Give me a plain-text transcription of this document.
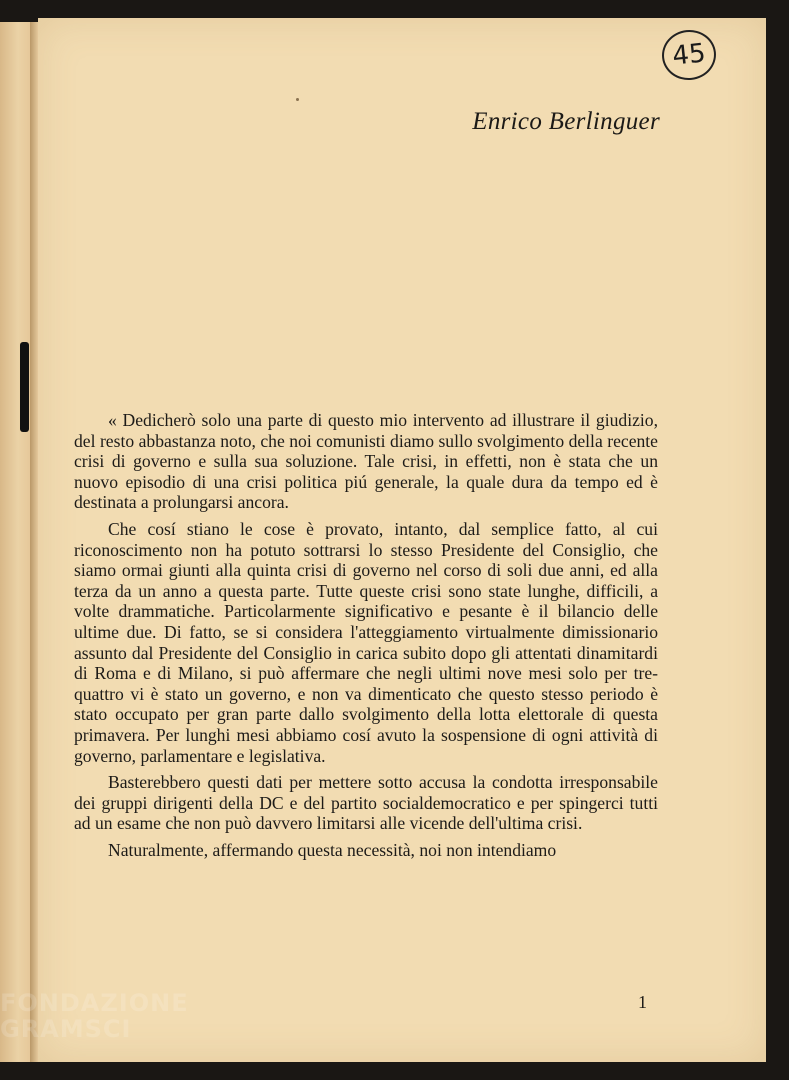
45
Enrico Berlinguer

« Dedicherò solo una parte di questo mio intervento ad illustrare il giudizio, del resto abbastanza noto, che noi comunisti diamo sullo svolgimento della recente crisi di governo e sulla sua soluzione. Tale crisi, in effetti, non è stata che un nuovo episodio di una crisi politica piú generale, la quale dura da tempo ed è destinata a prolungarsi ancora.

Che cosí stiano le cose è provato, intanto, dal semplice fatto, al cui riconoscimento non ha potuto sottrarsi lo stesso Presidente del Consiglio, che siamo ormai giunti alla quinta crisi di governo nel corso di soli due anni, ed alla terza da un anno a questa parte. Tutte queste crisi sono state lunghe, difficili, a volte drammatiche. Particolarmente significativo e pesante è il bilancio delle ultime due. Di fatto, se si considera l'atteggiamento virtualmente dimissionario assunto dal Presidente del Consiglio in carica subito dopo gli attentati dinamitardi di Roma e di Milano, si può affermare che negli ultimi nove mesi solo per tre-quattro vi è stato un governo, e non va dimenticato che questo stesso periodo è stato occupato per gran parte dallo svolgimento della lotta elettorale di questa primavera. Per lunghi mesi abbiamo cosí avuto la sospensione di ogni attività di governo, parlamentare e legislativa.

Basterebbero questi dati per mettere sotto accusa la condotta irresponsabile dei gruppi dirigenti della DC e del partito socialdemocratico e per spingerci tutti ad un esame che non può davvero limitarsi alle vicende dell'ultima crisi.

Naturalmente, affermando questa necessità, noi non intendiamo

1
FONDAZIONE
GRAMSCI
